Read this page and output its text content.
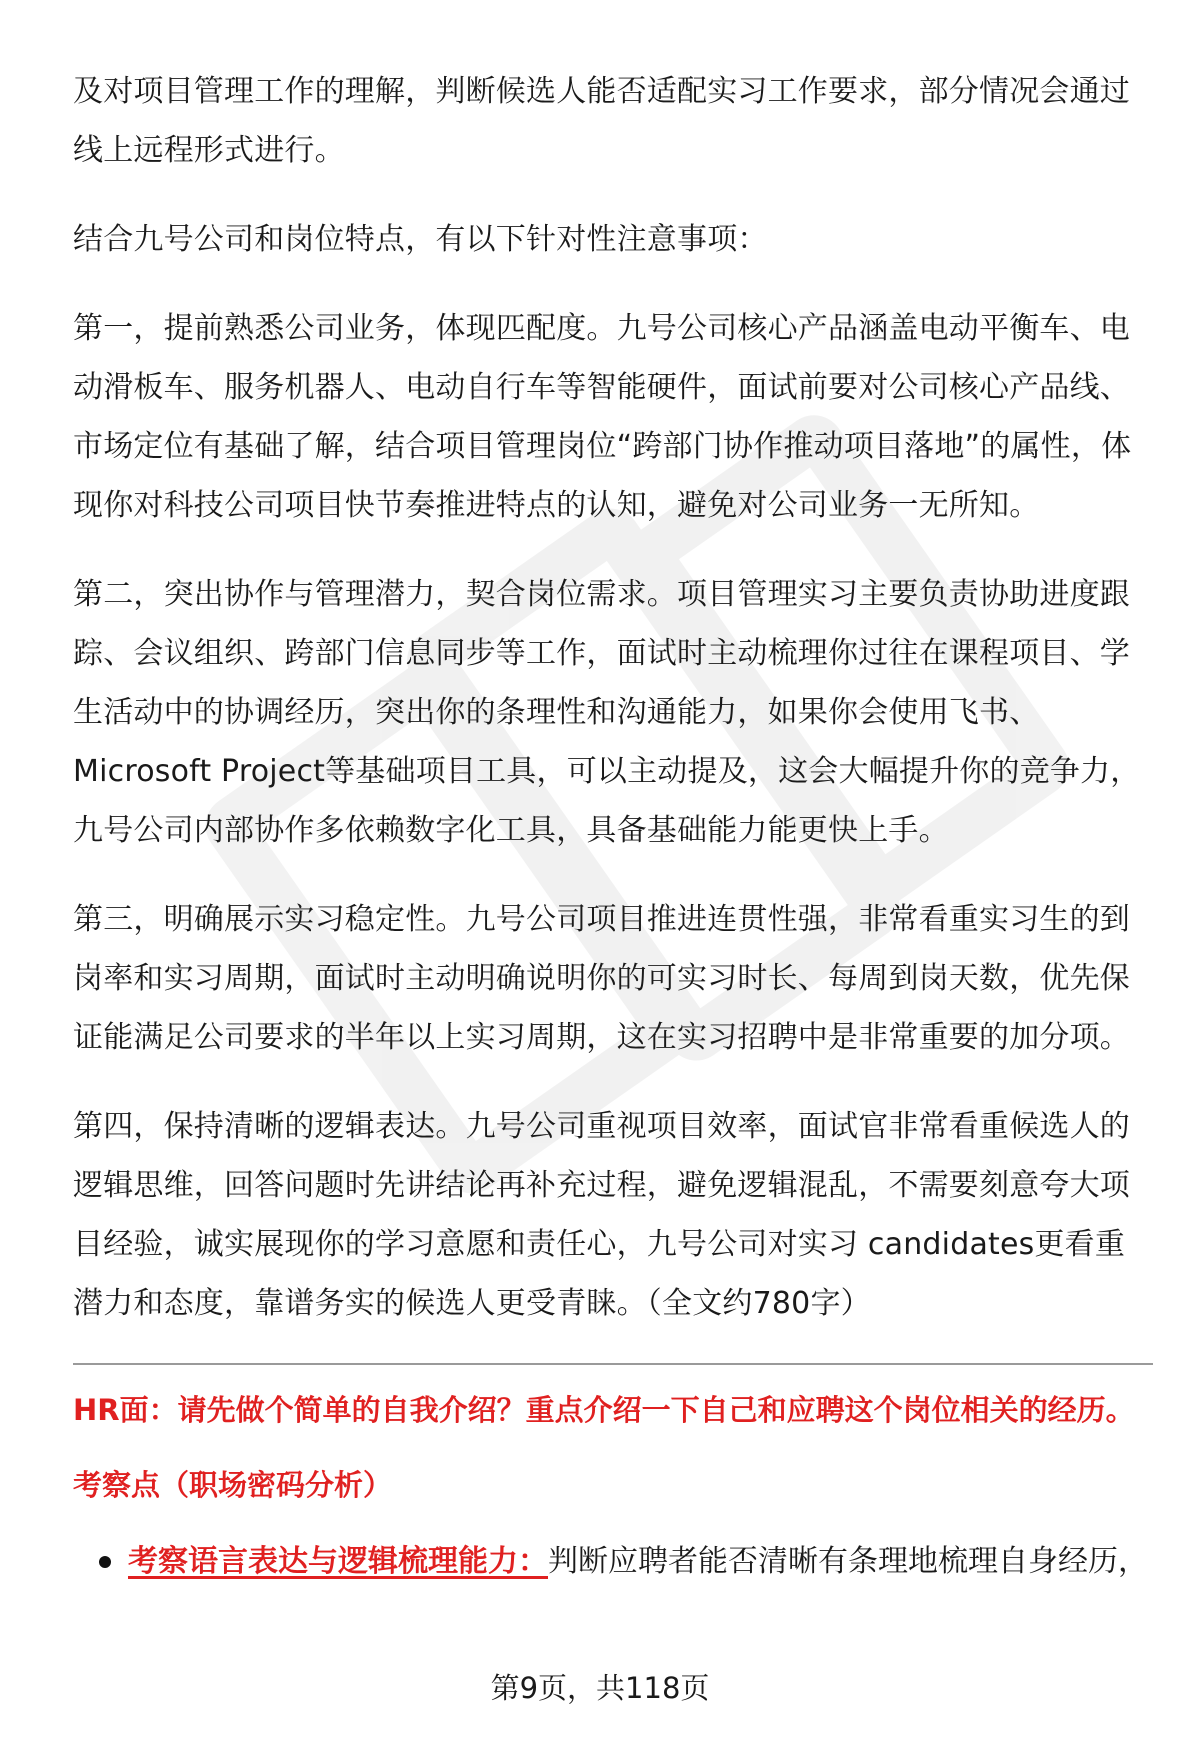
及对项目管理工作的理解，判断候选人能否适配实习工作要求，部分情况会通过线上远程形式进行。

结合九号公司和岗位特点，有以下针对性注意事项：

第一，提前熟悉公司业务，体现匹配度。九号公司核心产品涵盖电动平衡车、电动滑板车、服务机器人、电动自行车等智能硬件，面试前要对公司核心产品线、市场定位有基础了解，结合项目管理岗位“跨部门协作推动项目落地”的属性，体现你对科技公司项目快节奏推进特点的认知，避免对公司业务一无所知。

第二，突出协作与管理潜力，契合岗位需求。项目管理实习主要负责协助进度跟踪、会议组织、跨部门信息同步等工作，面试时主动梳理你过往在课程项目、学生活动中的协调经历，突出你的条理性和沟通能力，如果你会使用飞书、Microsoft Project等基础项目工具，可以主动提及，这会大幅提升你的竞争力，九号公司内部协作多依赖数字化工具，具备基础能力能更快上手。

第三，明确展示实习稳定性。九号公司项目推进连贯性强，非常看重实习生的到岗率和实习周期，面试时主动明确说明你的可实习时长、每周到岗天数，优先保证能满足公司要求的半年以上实习周期，这在实习招聘中是非常重要的加分项。

第四，保持清晰的逻辑表达。九号公司重视项目效率，面试官非常看重候选人的逻辑思维，回答问题时先讲结论再补充过程，避免逻辑混乱，不需要刻意夸大项目经验，诚实展现你的学习意愿和责任心，九号公司对实习 candidates更看重潜力和态度，靠谱务实的候选人更受青睐。（全文约780字）

HR面：请先做个简单的自我介绍？重点介绍一下自己和应聘这个岗位相关的经历。
考察点（职场密码分析）
考察语言表达与逻辑梳理能力：判断应聘者能否清晰有条理地梳理自身经历，
第9页，共118页
